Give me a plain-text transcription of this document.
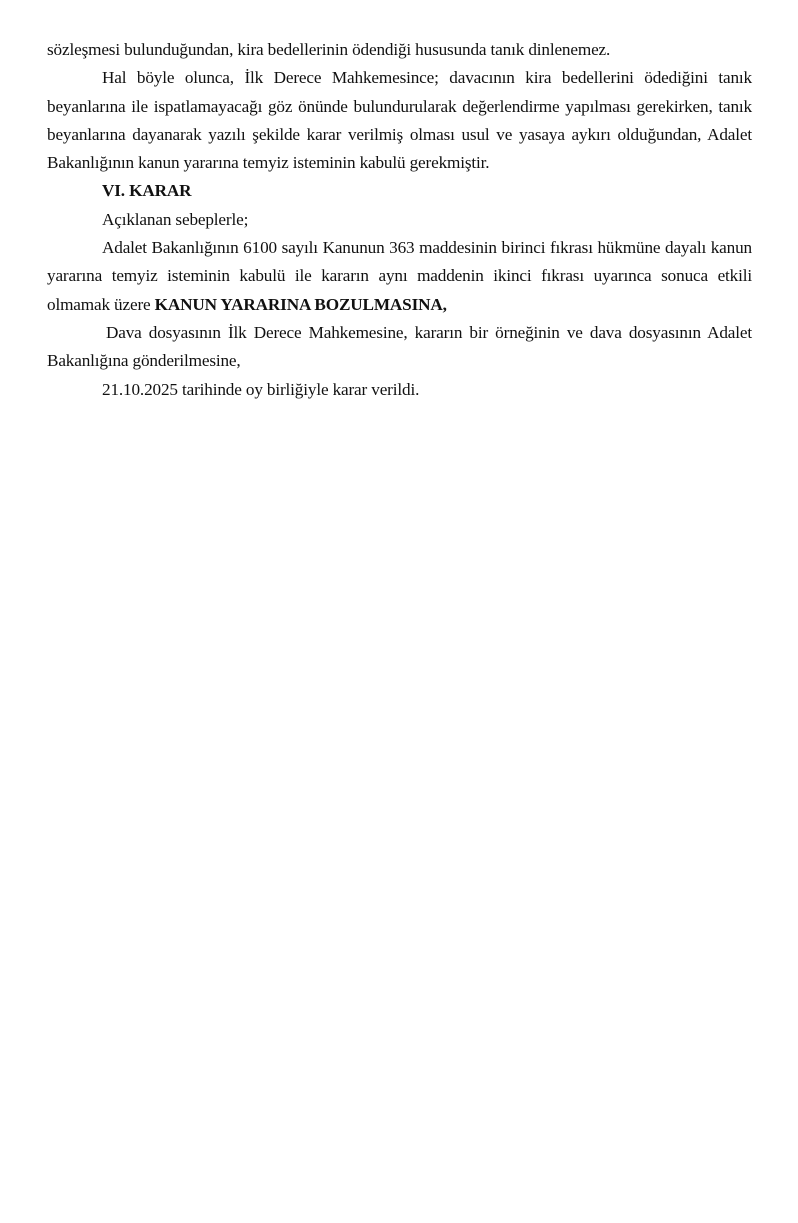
sözleşmesi bulunduğundan, kira bedellerinin ödendiği hususunda tanık dinlenemez.

Hal böyle olunca, İlk Derece Mahkemesince; davacının kira bedellerini ödediğini tanık beyanlarına ile ispatlamayacağı göz önünde bulundurularak değerlendirme yapılması gerekirken, tanık beyanlarına dayanarak yazılı şekilde karar verilmiş olması usul ve yasaya aykırı olduğundan, Adalet Bakanlığının kanun yararına temyiz isteminin kabulü gerekmiştir.

VI. KARAR

Açıklanan sebeplerle;

Adalet Bakanlığının 6100 sayılı Kanunun 363 maddesinin birinci fıkrası hükmüne dayalı kanun yararına temyiz isteminin kabulü ile kararın aynı maddenin ikinci fıkrası uyarınca sonuca etkili olmamak üzere KANUN YARARINA BOZULMASINA,

Dava dosyasının İlk Derece Mahkemesine, kararın bir örneğinin ve dava dosyasının Adalet Bakanlığına gönderilmesine,

21.10.2025 tarihinde oy birliğiyle karar verildi.
